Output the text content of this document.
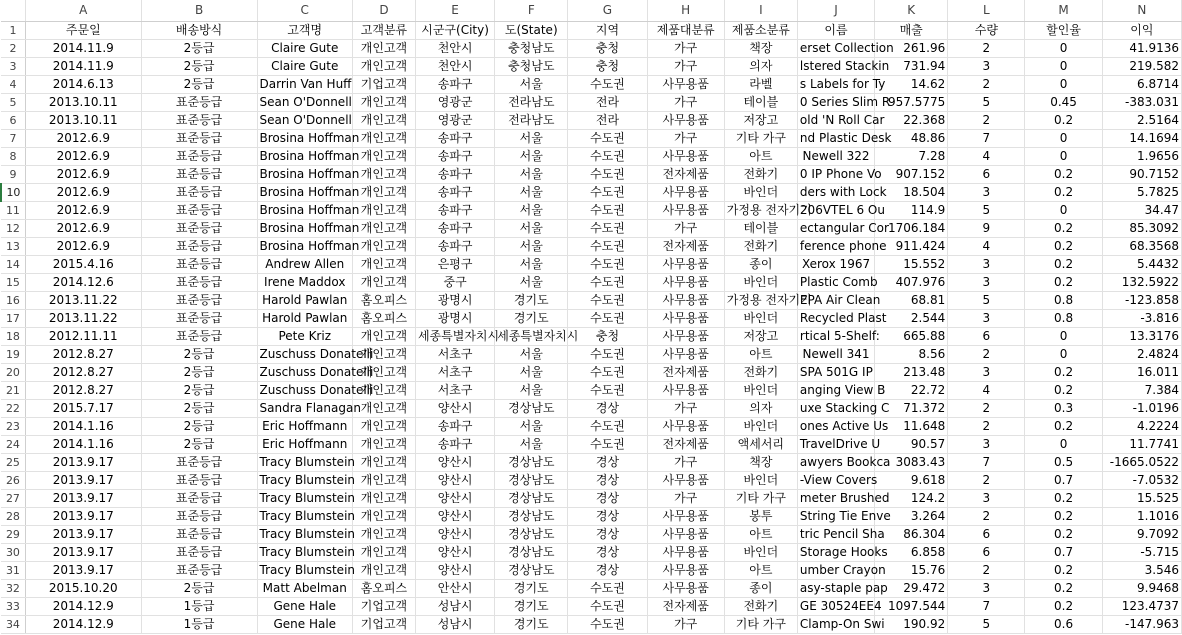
	A	B	C	D	E	F	G	H	I	J	K	L	M	N
1	주문일	배송방식	고객명	고객분류	시군구(City)	도(State)	지역	제품대분류	제품소분류	이름	매출	수량	할인율	이익
2	2014.11.9	2등급	Claire Gute	개인고객	천안시	충청남도	충청	가구	책장	erset Collection	261.96	2	0	41.9136
3	2014.11.9	2등급	Claire Gute	개인고객	천안시	충청남도	충청	가구	의자	lstered Stackin	731.94	3	0	219.582
4	2014.6.13	2등급	Darrin Van Huff	기업고객	송파구	서울	수도권	사무용품	라벨	s Labels for Ty	14.62	2	0	6.8714
5	2013.10.11	표준등급	Sean O'Donnell	개인고객	영광군	전라남도	전라	가구	테이블	0 Series Slim R	957.5775	5	0.45	-383.031
6	2013.10.11	표준등급	Sean O'Donnell	개인고객	영광군	전라남도	전라	사무용품	저장고	old 'N Roll Car	22.368	2	0.2	2.5164
7	2012.6.9	표준등급	Brosina Hoffman	개인고객	송파구	서울	수도권	가구	기타 가구	nd Plastic Desk	48.86	7	0	14.1694
8	2012.6.9	표준등급	Brosina Hoffman	개인고객	송파구	서울	수도권	사무용품	아트	Newell 322	7.28	4	0	1.9656
9	2012.6.9	표준등급	Brosina Hoffman	개인고객	송파구	서울	수도권	전자제품	전화기	0 IP Phone Vo	907.152	6	0.2	90.7152
10	2012.6.9	표준등급	Brosina Hoffman	개인고객	송파구	서울	수도권	사무용품	바인더	ders with Lock	18.504	3	0.2	5.7825
11	2012.6.9	표준등급	Brosina Hoffman	개인고객	송파구	서울	수도권	사무용품	가정용 전자기기	206VTEL 6 Ou	114.9	5	0	34.47
12	2012.6.9	표준등급	Brosina Hoffman	개인고객	송파구	서울	수도권	가구	테이블	ectangular Cor	1706.184	9	0.2	85.3092
13	2012.6.9	표준등급	Brosina Hoffman	개인고객	송파구	서울	수도권	전자제품	전화기	ference phone	911.424	4	0.2	68.3568
14	2015.4.16	표준등급	Andrew Allen	개인고객	은평구	서울	수도권	사무용품	종이	Xerox 1967	15.552	3	0.2	5.4432
15	2014.12.6	표준등급	Irene Maddox	개인고객	중구	서울	수도권	사무용품	바인더	Plastic Comb	407.976	3	0.2	132.5922
16	2013.11.22	표준등급	Harold Pawlan	홈오피스	광명시	경기도	수도권	사무용품	가정용 전자기기	EPA Air Clean	68.81	5	0.8	-123.858
17	2013.11.22	표준등급	Harold Pawlan	홈오피스	광명시	경기도	수도권	사무용품	바인더	Recycled Plast	2.544	3	0.8	-3.816
18	2012.11.11	표준등급	Pete Kriz	개인고객	세종특별자치시	세종특별자치시	충청	사무용품	저장고	rtical 5-Shelf:	665.88	6	0	13.3176
19	2012.8.27	2등급	Zuschuss Donatelli	개인고객	서초구	서울	수도권	사무용품	아트	Newell 341	8.56	2	0	2.4824
20	2012.8.27	2등급	Zuschuss Donatelli	개인고객	서초구	서울	수도권	전자제품	전화기	SPA 501G IP	213.48	3	0.2	16.011
21	2012.8.27	2등급	Zuschuss Donatelli	개인고객	서초구	서울	수도권	사무용품	바인더	anging View B	22.72	4	0.2	7.384
22	2015.7.17	2등급	Sandra Flanagan	개인고객	양산시	경상남도	경상	가구	의자	uxe Stacking C	71.372	2	0.3	-1.0196
23	2014.1.16	2등급	Eric Hoffmann	개인고객	송파구	서울	수도권	사무용품	바인더	ones Active Us	11.648	2	0.2	4.2224
24	2014.1.16	2등급	Eric Hoffmann	개인고객	송파구	서울	수도권	전자제품	액세서리	TravelDrive U	90.57	3	0	11.7741
25	2013.9.17	표준등급	Tracy Blumstein	개인고객	양산시	경상남도	경상	가구	책장	awyers Bookca	3083.43	7	0.5	-1665.0522
26	2013.9.17	표준등급	Tracy Blumstein	개인고객	양산시	경상남도	경상	사무용품	바인더	-View Covers	9.618	2	0.7	-7.0532
27	2013.9.17	표준등급	Tracy Blumstein	개인고객	양산시	경상남도	경상	가구	기타 가구	meter Brushed	124.2	3	0.2	15.525
28	2013.9.17	표준등급	Tracy Blumstein	개인고객	양산시	경상남도	경상	사무용품	봉투	String Tie Enve	3.264	2	0.2	1.1016
29	2013.9.17	표준등급	Tracy Blumstein	개인고객	양산시	경상남도	경상	사무용품	아트	tric Pencil Sha	86.304	6	0.2	9.7092
30	2013.9.17	표준등급	Tracy Blumstein	개인고객	양산시	경상남도	경상	사무용품	바인더	Storage Hooks	6.858	6	0.7	-5.715
31	2013.9.17	표준등급	Tracy Blumstein	개인고객	양산시	경상남도	경상	사무용품	아트	umber Crayon	15.76	2	0.2	3.546
32	2015.10.20	2등급	Matt Abelman	홈오피스	안산시	경기도	수도권	사무용품	종이	asy-staple pap	29.472	3	0.2	9.9468
33	2014.12.9	1등급	Gene Hale	기업고객	성남시	경기도	수도권	전자제품	전화기	GE 30524EE4	1097.544	7	0.2	123.4737
34	2014.12.9	1등급	Gene Hale	기업고객	성남시	경기도	수도권	가구	기타 가구	Clamp-On Swi	190.92	5	0.6	-147.963
